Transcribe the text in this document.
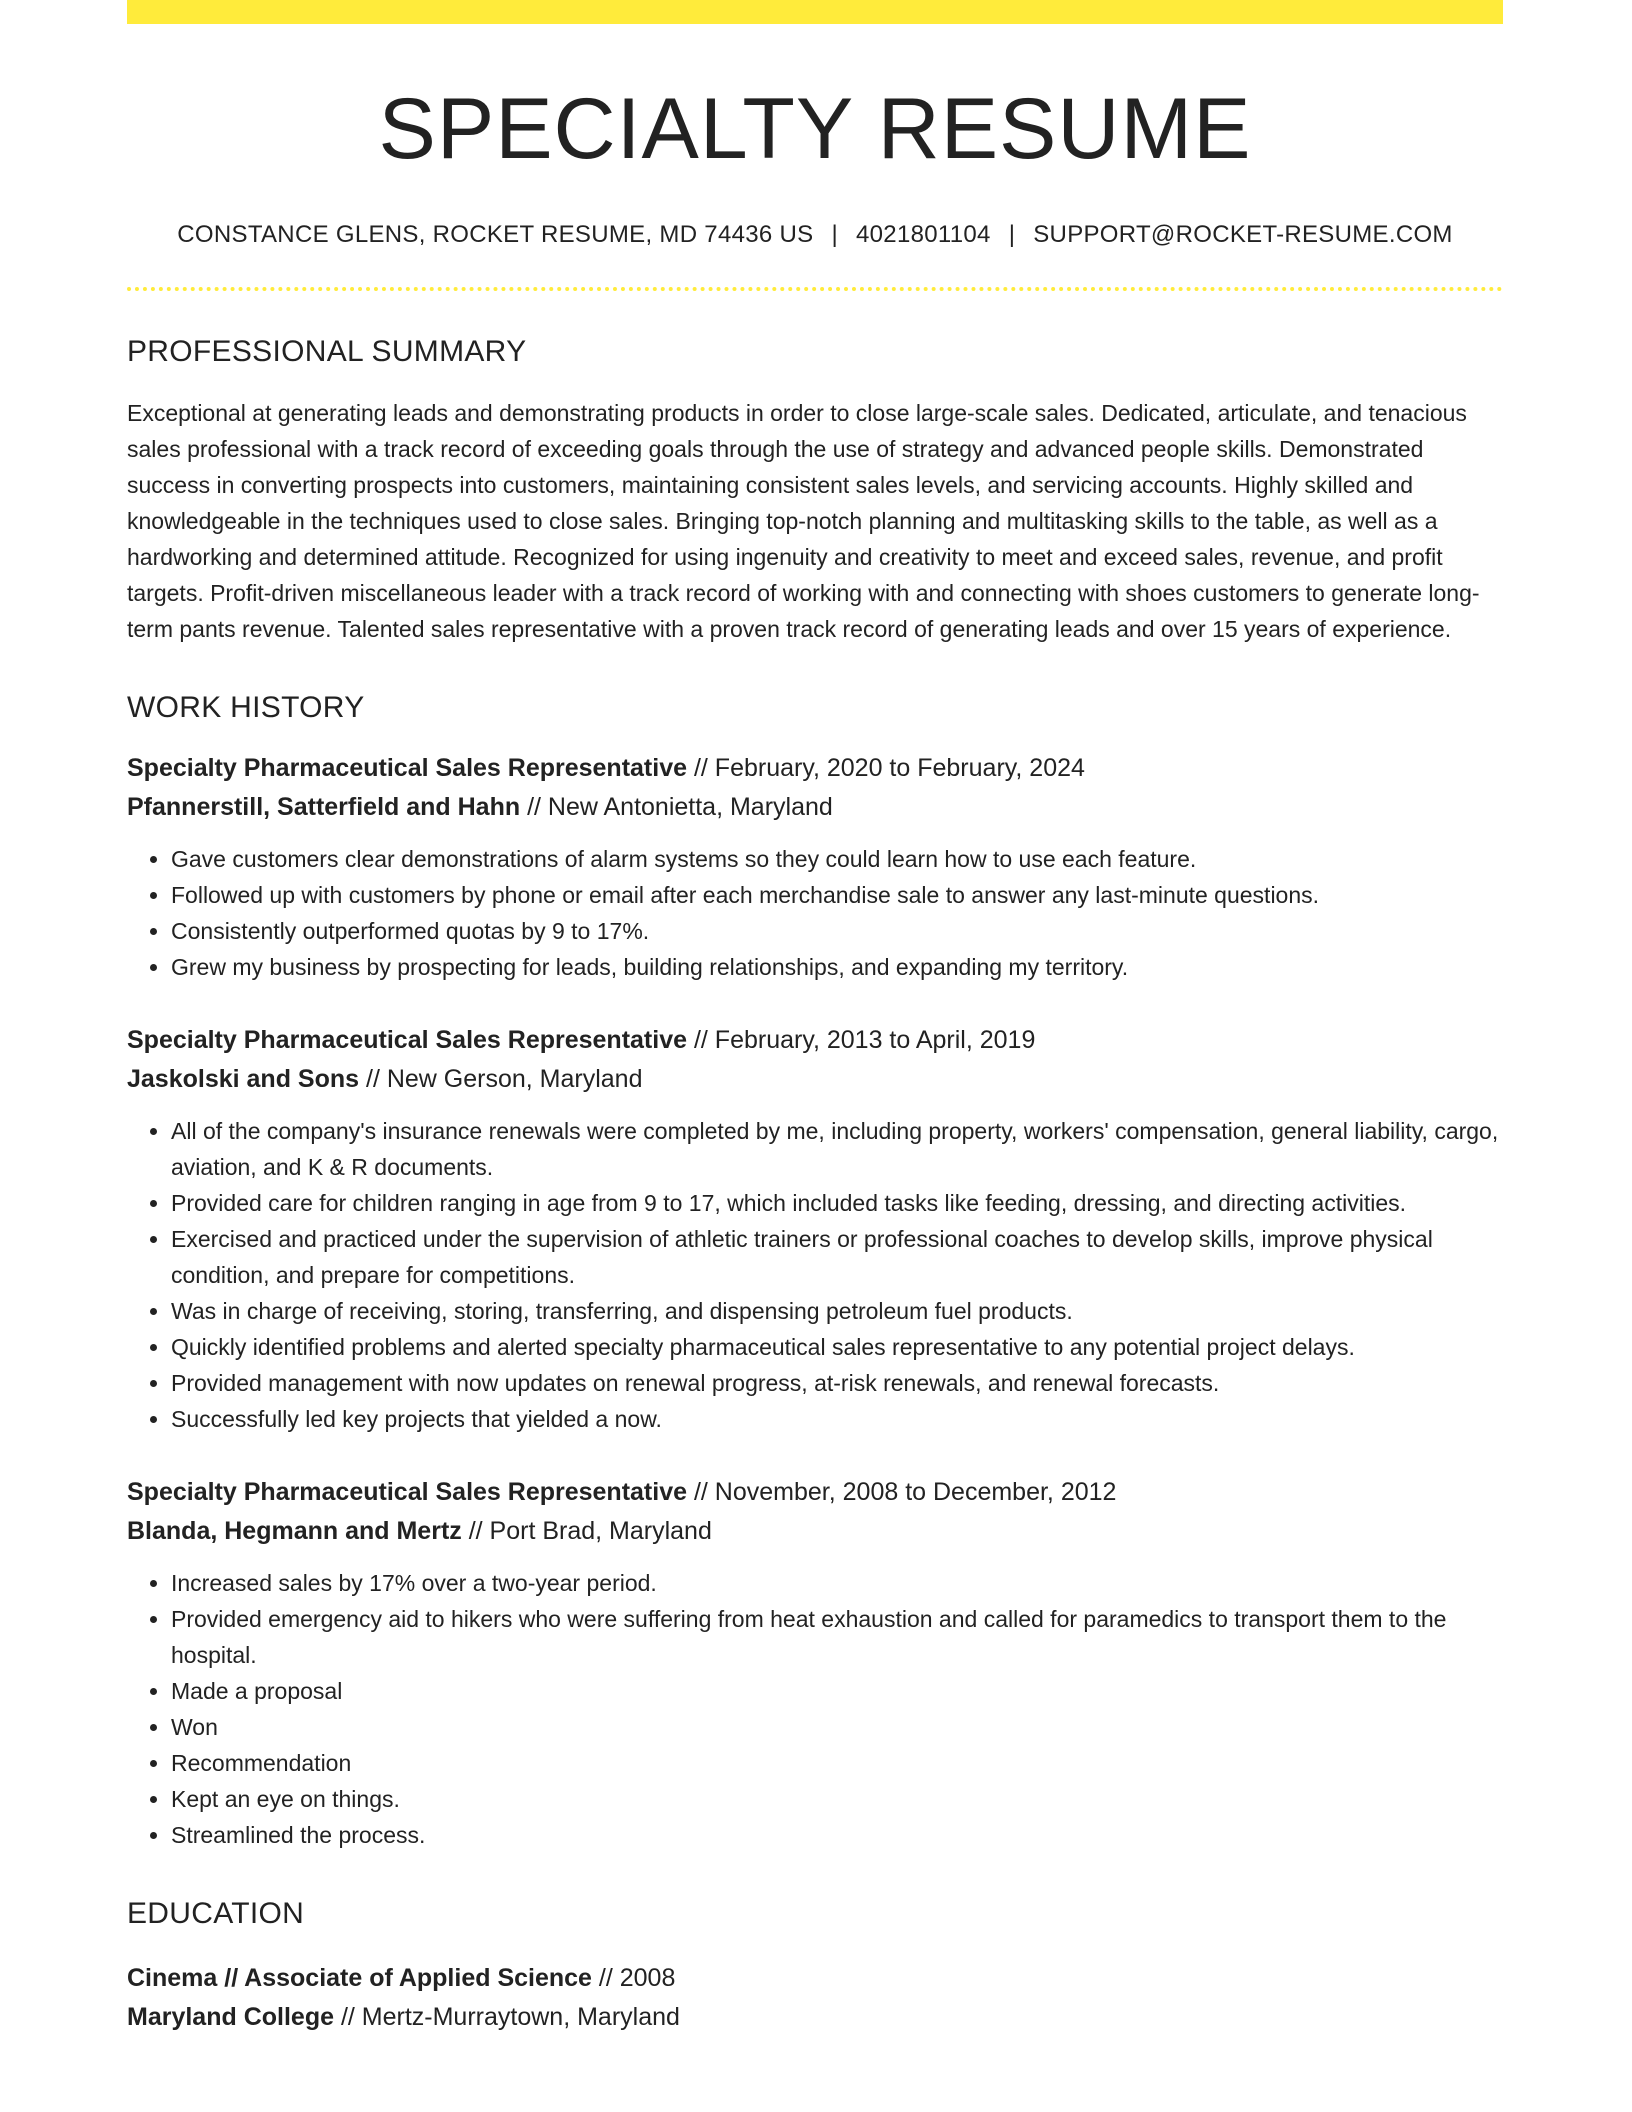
SPECIALTY RESUME
CONSTANCE GLENS, ROCKET RESUME, MD 74436 US | 4021801104 | SUPPORT@ROCKET-RESUME.COM
PROFESSIONAL SUMMARY
Exceptional at generating leads and demonstrating products in order to close large-scale sales. Dedicated, articulate, and tenacious sales professional with a track record of exceeding goals through the use of strategy and advanced people skills. Demonstrated success in converting prospects into customers, maintaining consistent sales levels, and servicing accounts. Highly skilled and knowledgeable in the techniques used to close sales. Bringing top-notch planning and multitasking skills to the table, as well as a hardworking and determined attitude. Recognized for using ingenuity and creativity to meet and exceed sales, revenue, and profit targets. Profit-driven miscellaneous leader with a track record of working with and connecting with shoes customers to generate long-term pants revenue. Talented sales representative with a proven track record of generating leads and over 15 years of experience.
WORK HISTORY
Specialty Pharmaceutical Sales Representative // February, 2020 to February, 2024
Pfannerstill, Satterfield and Hahn // New Antonietta, Maryland
• Gave customers clear demonstrations of alarm systems so they could learn how to use each feature.
• Followed up with customers by phone or email after each merchandise sale to answer any last-minute questions.
• Consistently outperformed quotas by 9 to 17%.
• Grew my business by prospecting for leads, building relationships, and expanding my territory.
Specialty Pharmaceutical Sales Representative // February, 2013 to April, 2019
Jaskolski and Sons // New Gerson, Maryland
• All of the company's insurance renewals were completed by me, including property, workers' compensation, general liability, cargo, aviation, and K & R documents.
• Provided care for children ranging in age from 9 to 17, which included tasks like feeding, dressing, and directing activities.
• Exercised and practiced under the supervision of athletic trainers or professional coaches to develop skills, improve physical condition, and prepare for competitions.
• Was in charge of receiving, storing, transferring, and dispensing petroleum fuel products.
• Quickly identified problems and alerted specialty pharmaceutical sales representative to any potential project delays.
• Provided management with now updates on renewal progress, at-risk renewals, and renewal forecasts.
• Successfully led key projects that yielded a now.
Specialty Pharmaceutical Sales Representative // November, 2008 to December, 2012
Blanda, Hegmann and Mertz // Port Brad, Maryland
• Increased sales by 17% over a two-year period.
• Provided emergency aid to hikers who were suffering from heat exhaustion and called for paramedics to transport them to the hospital.
• Made a proposal
• Won
• Recommendation
• Kept an eye on things.
• Streamlined the process.
EDUCATION
Cinema // Associate of Applied Science // 2008
Maryland College // Mertz-Murraytown, Maryland
